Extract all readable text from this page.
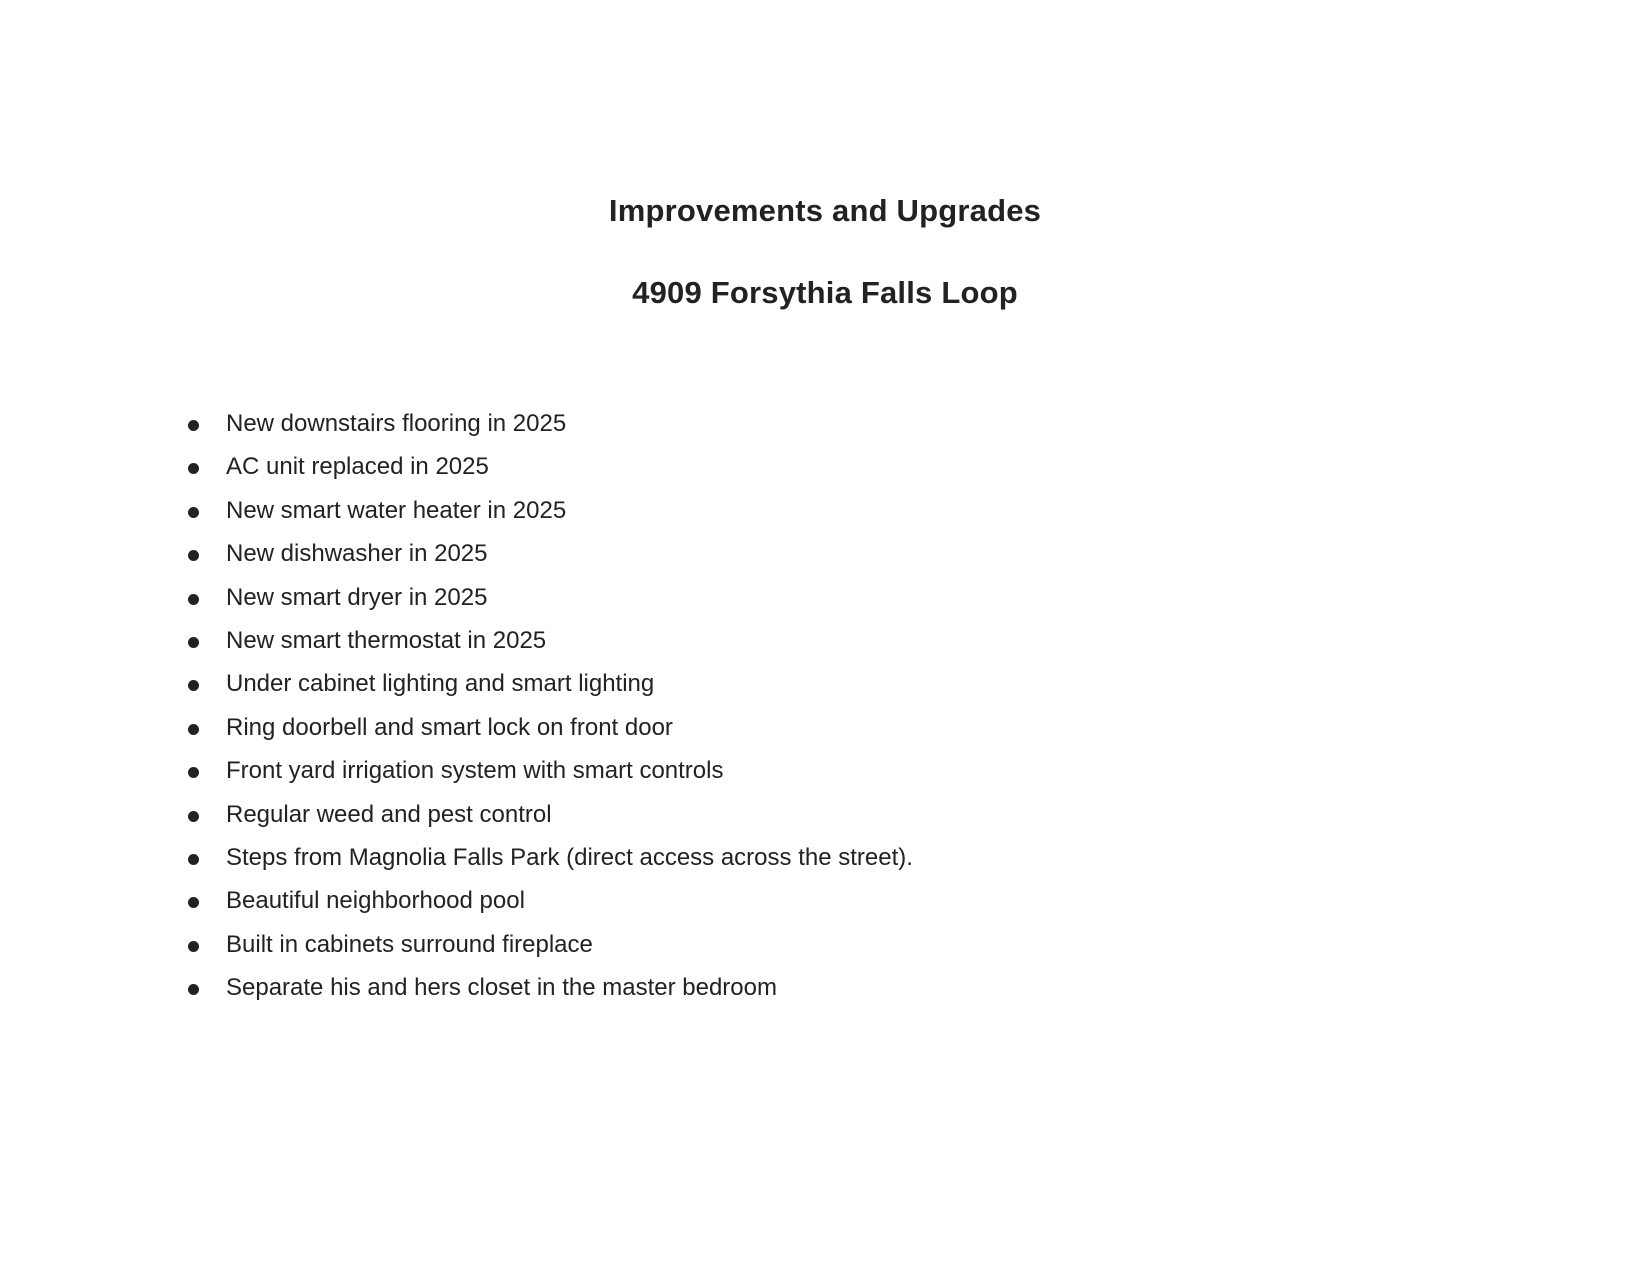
Improvements and Upgrades
4909 Forsythia Falls Loop
New downstairs flooring in 2025
AC unit replaced in 2025
New smart water heater in 2025
New dishwasher in 2025
New smart dryer in 2025
New smart thermostat in 2025
Under cabinet lighting and smart lighting
Ring doorbell and smart lock on front door
Front yard irrigation system with smart controls
Regular weed and pest control
Steps from Magnolia Falls Park (direct access across the street).
Beautiful neighborhood pool
Built in cabinets surround fireplace
Separate his and hers closet in the master bedroom
